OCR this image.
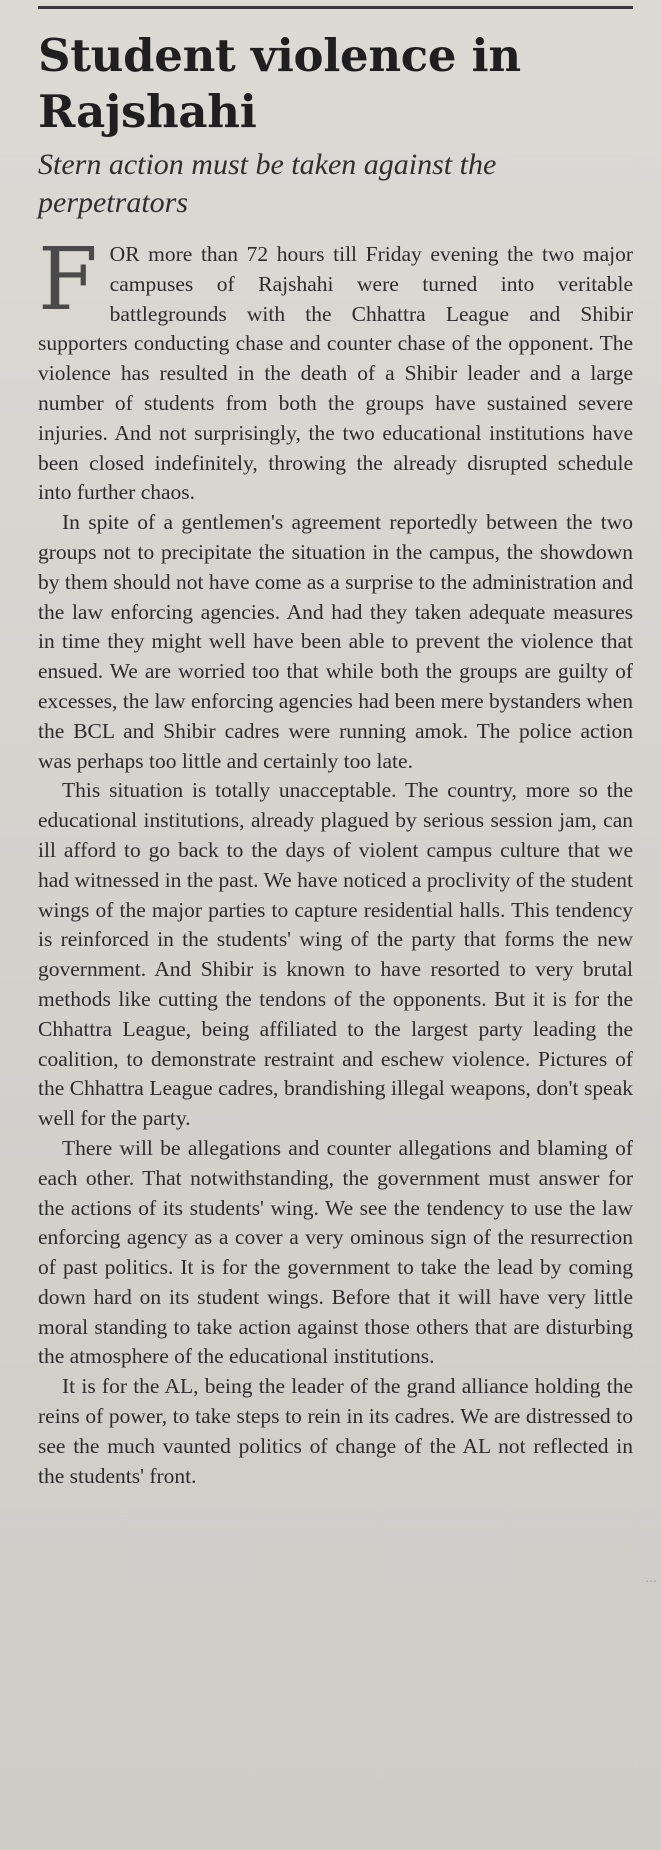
Student violence in Rajshahi
Stern action must be taken against the perpetrators

FOR more than 72 hours till Friday evening the two major campuses of Rajshahi were turned into veritable battlegrounds with the Chhattra League and Shibir supporters conducting chase and counter chase of the opponent. The violence has resulted in the death of a Shibir leader and a large number of students from both the groups have sustained severe injuries. And not surprisingly, the two educational institutions have been closed indefinitely, throwing the already disrupted schedule into further chaos.

In spite of a gentlemen's agreement reportedly between the two groups not to precipitate the situation in the campus, the showdown by them should not have come as a surprise to the administration and the law enforcing agencies. And had they taken adequate measures in time they might well have been able to prevent the violence that ensued. We are worried too that while both the groups are guilty of excesses, the law enforcing agencies had been mere bystanders when the BCL and Shibir cadres were running amok. The police action was perhaps too little and certainly too late.

This situation is totally unacceptable. The country, more so the educational institutions, already plagued by serious session jam, can ill afford to go back to the days of violent campus culture that we had witnessed in the past. We have noticed a proclivity of the student wings of the major parties to capture residential halls. This tendency is reinforced in the students' wing of the party that forms the new government. And Shibir is known to have resorted to very brutal methods like cutting the tendons of the opponents. But it is for the Chhattra League, being affiliated to the largest party leading the coalition, to demonstrate restraint and eschew violence. Pictures of the Chhattra League cadres, brandishing illegal weapons, don't speak well for the party.

There will be allegations and counter allegations and blaming of each other. That notwithstanding, the government must answer for the actions of its students' wing. We see the tendency to use the law enforcing agency as a cover a very ominous sign of the resurrection of past politics. It is for the government to take the lead by coming down hard on its student wings. Before that it will have very little moral standing to take action against those others that are disturbing the atmosphere of the educational institutions.

It is for the AL, being the leader of the grand alliance holding the reins of power, to take steps to rein in its cadres. We are distressed to see the much vaunted politics of change of the AL not reflected in the students' front.

⋯
